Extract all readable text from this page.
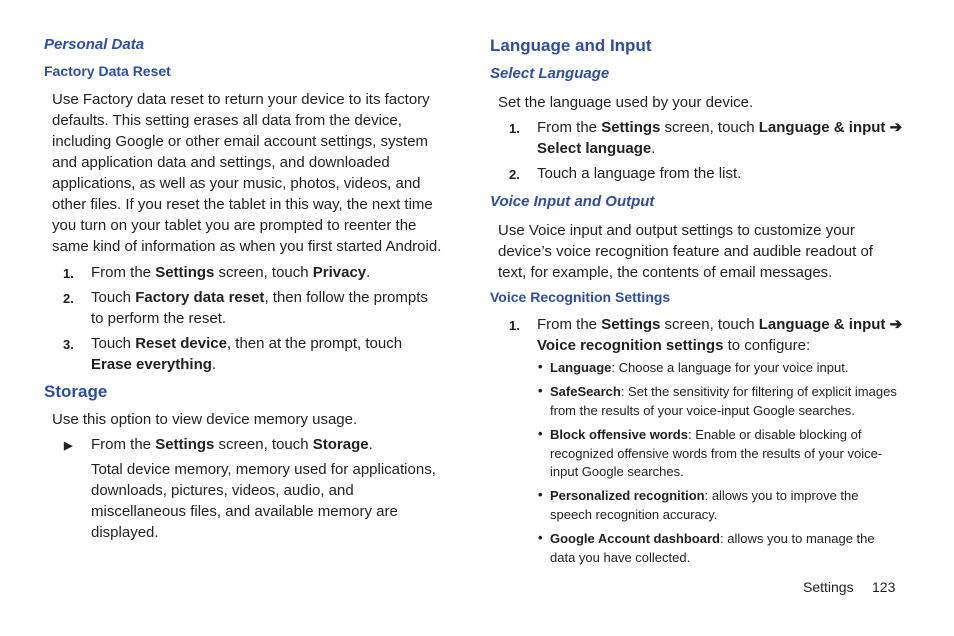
Personal Data
Factory Data Reset
Use Factory data reset to return your device to its factory defaults. This setting erases all data from the device, including Google or other email account settings, system and application data and settings, and downloaded applications, as well as your music, photos, videos, and other files. If you reset the tablet in this way, the next time you turn on your tablet you are prompted to reenter the same kind of information as when you first started Android.
1. From the Settings screen, touch Privacy.
2. Touch Factory data reset, then follow the prompts to perform the reset.
3. Touch Reset device, then at the prompt, touch Erase everything.
Storage
Use this option to view device memory usage.
▶ From the Settings screen, touch Storage.
Total device memory, memory used for applications, downloads, pictures, videos, audio, and miscellaneous files, and available memory are displayed.
Language and Input
Select Language
Set the language used by your device.
1. From the Settings screen, touch Language & input ➔ Select language.
2. Touch a language from the list.
Voice Input and Output
Use Voice input and output settings to customize your device’s voice recognition feature and audible readout of text, for example, the contents of email messages.
Voice Recognition Settings
1. From the Settings screen, touch Language & input ➔ Voice recognition settings to configure:
• Language: Choose a language for your voice input.
• SafeSearch: Set the sensitivity for filtering of explicit images from the results of your voice-input Google searches.
• Block offensive words: Enable or disable blocking of recognized offensive words from the results of your voice-input Google searches.
• Personalized recognition: allows you to improve the speech recognition accuracy.
• Google Account dashboard: allows you to manage the data you have collected.
Settings 123
